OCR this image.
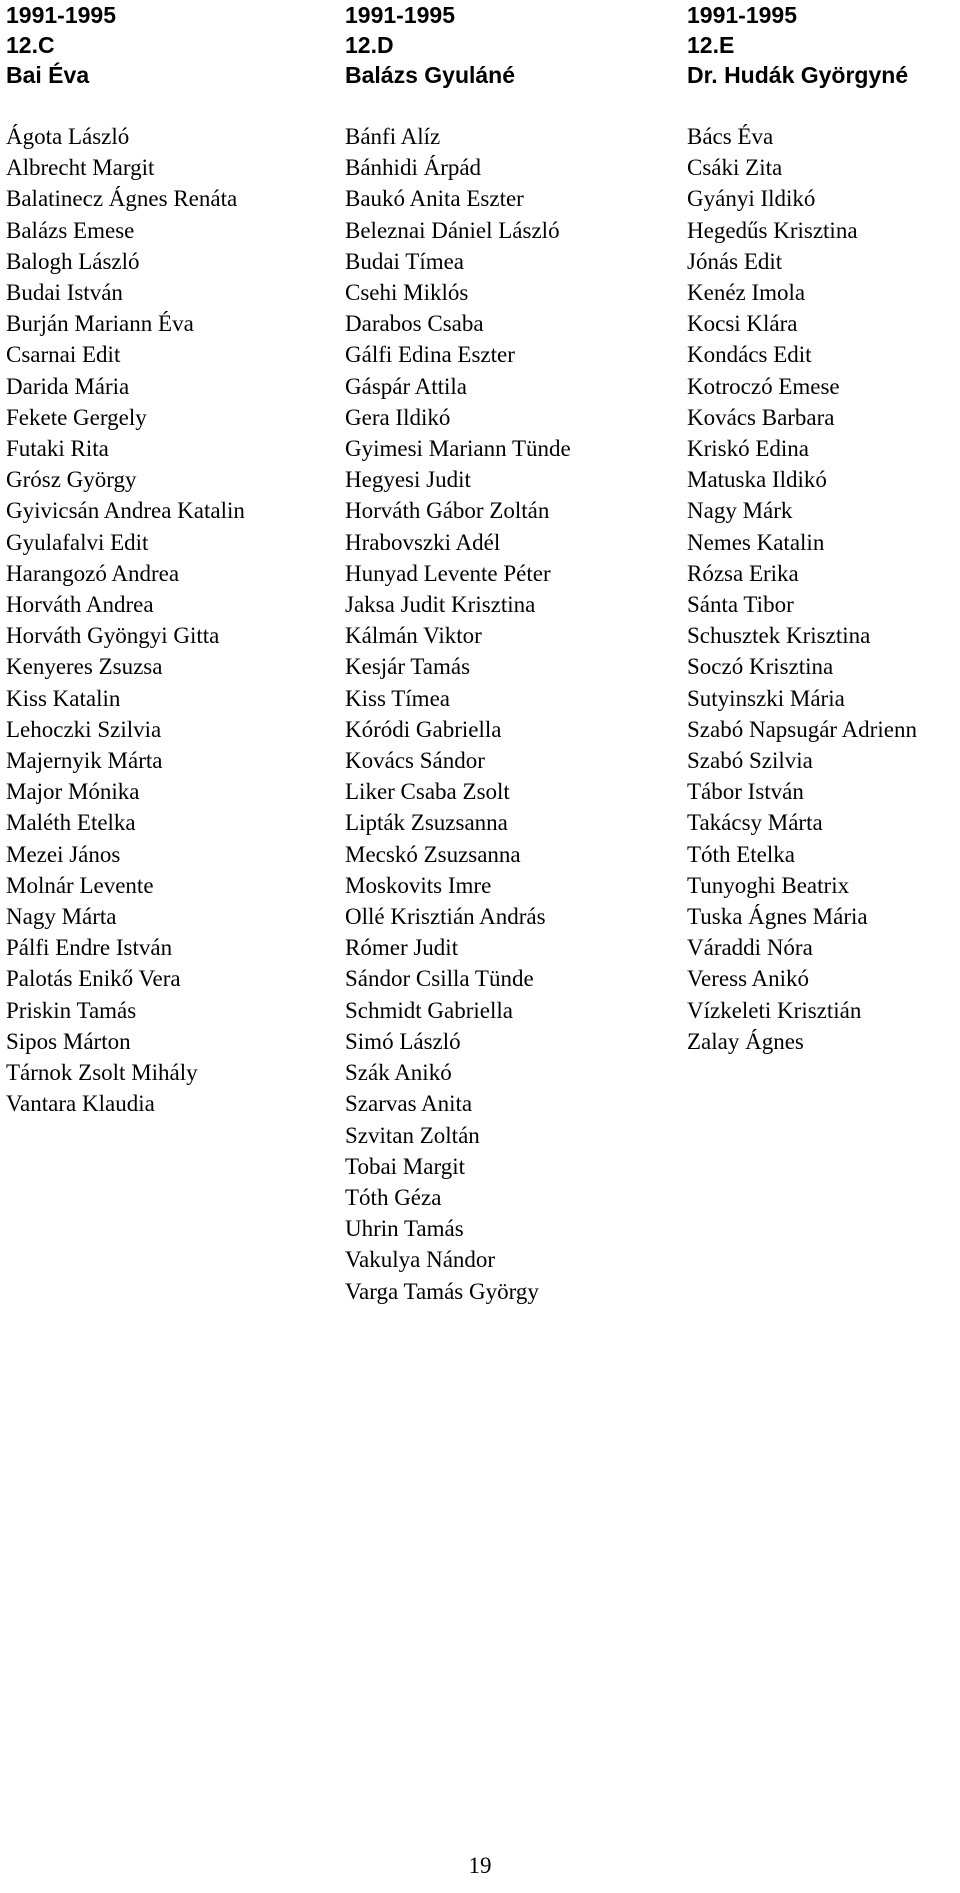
1991-1995
12.C
Bai Éva
Ágota László
Albrecht Margit
Balatinecz Ágnes Renáta
Balázs Emese
Balogh László
Budai István
Burján Mariann Éva
Csarnai Edit
Darida Mária
Fekete Gergely
Futaki Rita
Grósz György
Gyivicsán Andrea Katalin
Gyulafalvi Edit
Harangozó Andrea
Horváth Andrea
Horváth Gyöngyi Gitta
Kenyeres Zsuzsa
Kiss Katalin
Lehoczki Szilvia
Majernyik Márta
Major Mónika
Maléth Etelka
Mezei János
Molnár Levente
Nagy Márta
Pálfi Endre István
Palotás Enikő Vera
Priskin Tamás
Sipos Márton
Tárnok Zsolt Mihály
Vantara Klaudia
1991-1995
12.D
Balázs Gyuláné
Bánfi Alíz
Bánhidi Árpád
Baukó Anita Eszter
Beleznai Dániel László
Budai Tímea
Csehi Miklós
Darabos Csaba
Gálfi Edina Eszter
Gáspár Attila
Gera Ildikó
Gyimesi Mariann Tünde
Hegyesi Judit
Horváth Gábor Zoltán
Hrabovszki Adél
Hunyad Levente Péter
Jaksa Judit Krisztina
Kálmán Viktor
Kesjár Tamás
Kiss Tímea
Kóródi Gabriella
Kovács Sándor
Liker Csaba Zsolt
Lipták Zsuzsanna
Mecskó Zsuzsanna
Moskovits Imre
Ollé Krisztián András
Rómer Judit
Sándor Csilla Tünde
Schmidt Gabriella
Simó László
Szák Anikó
Szarvas Anita
Szvitan Zoltán
Tobai Margit
Tóth Géza
Uhrin Tamás
Vakulya Nándor
Varga Tamás György
1991-1995
12.E
Dr. Hudák Györgyné
Bács Éva
Csáki Zita
Gyányi Ildikó
Hegedűs Krisztina
Jónás Edit
Kenéz Imola
Kocsi Klára
Kondács Edit
Kotroczó Emese
Kovács Barbara
Kriskó Edina
Matuska Ildikó
Nagy Márk
Nemes Katalin
Rózsa Erika
Sánta Tibor
Schusztek Krisztina
Soczó Krisztina
Sutyinszki Mária
Szabó Napsugár Adrienn
Szabó Szilvia
Tábor István
Takácsy Márta
Tóth Etelka
Tunyoghi Beatrix
Tuska Ágnes Mária
Váraddi Nóra
Veress Anikó
Vízkeleti Krisztián
Zalay Ágnes
19
